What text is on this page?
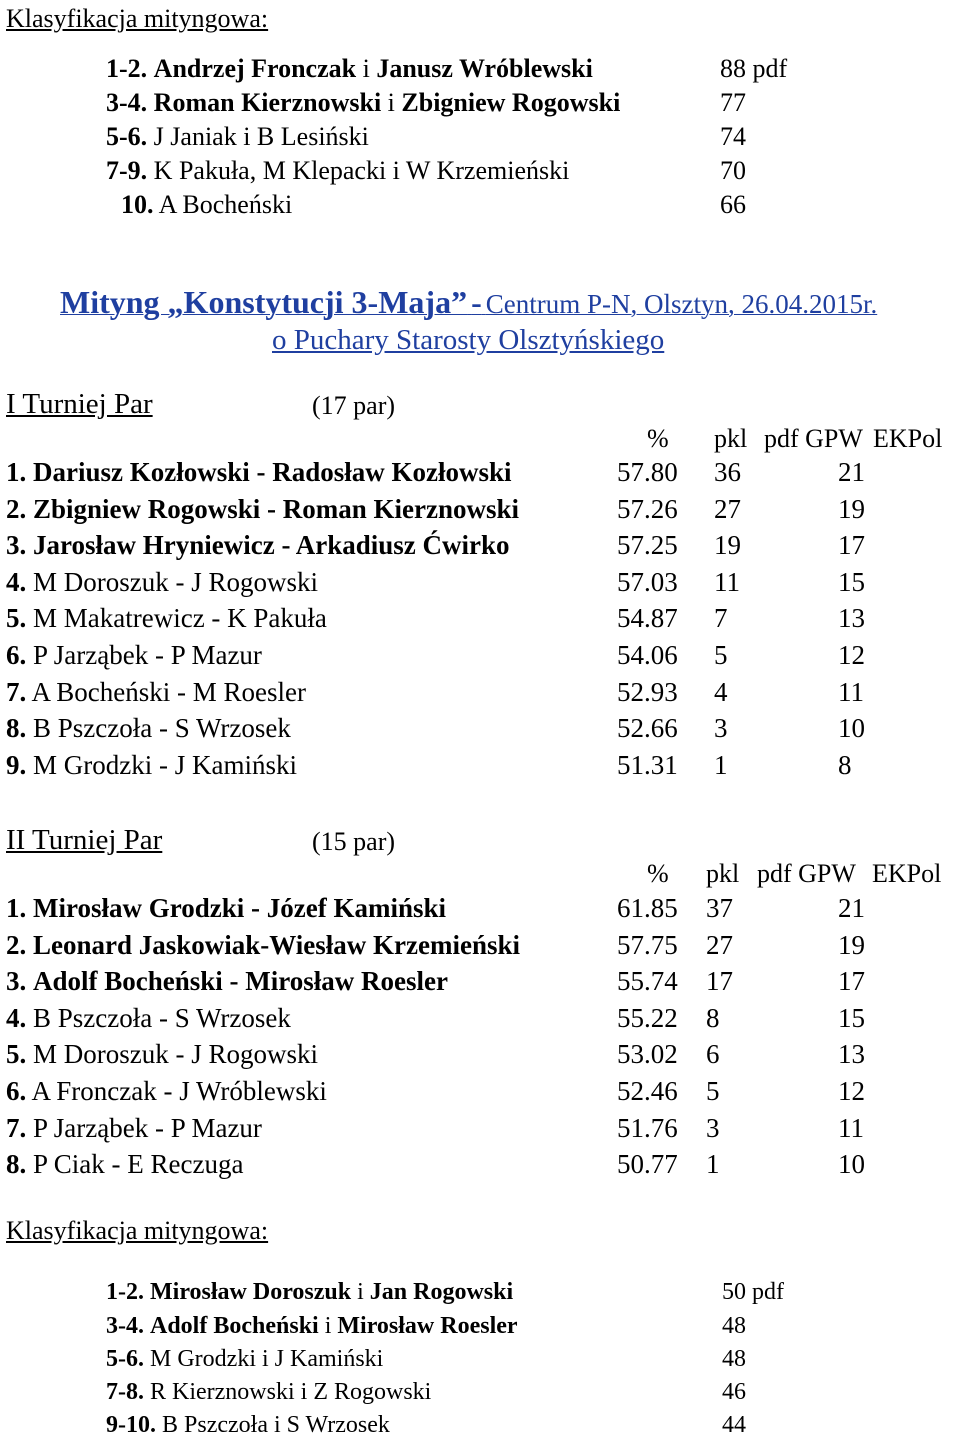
Klasyfikacja mityngowa:
1-2. Andrzej Fronczak i Janusz Wróblewski	88 pdf
3-4. Roman Kierznowski i Zbigniew Rogowski	77
5-6. J Janiak i B Lesiński	74
7-9. K Pakuła, M Klepacki i W Krzemieński	70
10. A Bocheński	66
Mityng „Konstytucji 3-Maja” - Centrum P-N, Olsztyn, 26.04.2015r.
o Puchary Starosty Olsztyńskiego
I Turniej Par	(17 par)
% pkl pdf GPW EKPol
1. Dariusz Kozłowski - Radosław Kozłowski	57.80 36	21
2. Zbigniew Rogowski - Roman Kierznowski	57.26 27	19
3. Jarosław Hryniewicz - Arkadiusz Ćwirko	57.25 19	17
4. M Doroszuk - J Rogowski	57.03 11	15
5. M Makatrewicz - K Pakuła	54.87 7	13
6. P Jarząbek - P Mazur	54.06 5	12
7. A Bocheński - M Roesler	52.93 4	11
8. B Pszczoła - S Wrzosek	52.66 3	10
9. M Grodzki - J Kamiński	51.31 1	8
II Turniej Par	(15 par)
% pkl pdf GPW EKPol
1. Mirosław Grodzki - Józef Kamiński	61.85 37	21
2. Leonard Jaskowiak-Wiesław Krzemieński	57.75 27	19
3. Adolf Bocheński - Mirosław Roesler	55.74 17	17
4. B Pszczoła - S Wrzosek	55.22 8	15
5. M Doroszuk - J Rogowski	53.02 6	13
6. A Fronczak - J Wróblewski	52.46 5	12
7. P Jarząbek - P Mazur	51.76 3	11
8. P Ciak - E Reczuga	50.77 1	10
Klasyfikacja mityngowa:
1-2. Mirosław Doroszuk i Jan Rogowski	50 pdf
3-4. Adolf Bocheński i Mirosław Roesler	48
5-6. M Grodzki i J Kamiński	48
7-8. R Kierznowski i Z Rogowski	46
9-10. B Pszczoła i S Wrzosek	44
